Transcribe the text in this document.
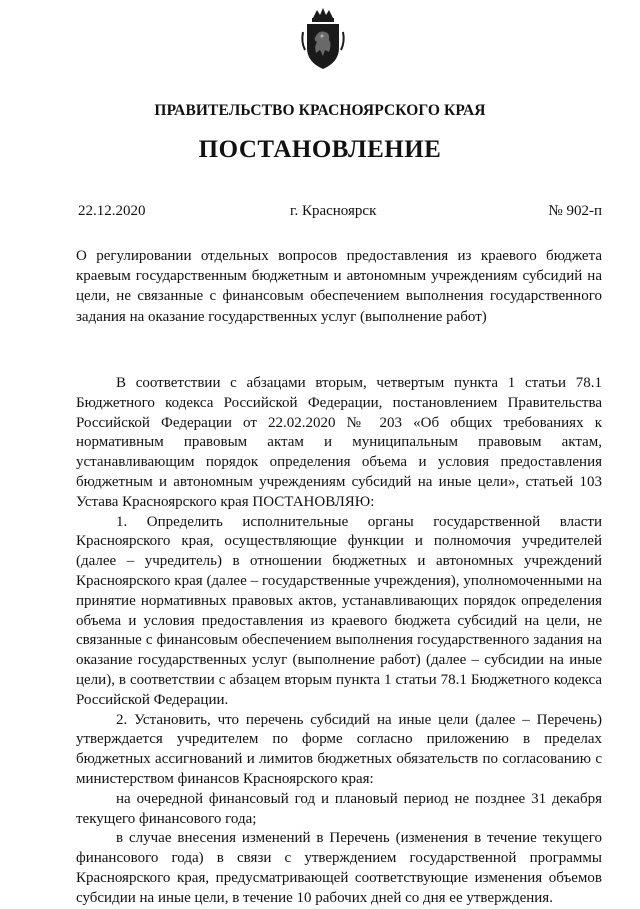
ПРАВИТЕЛЬСТВО КРАСНОЯРСКОГО КРАЯ
ПОСТАНОВЛЕНИЕ
22.12.2020	г. Красноярск	№ 902-п
О регулировании отдельных вопросов предоставления из краевого бюджета краевым государственным бюджетным и автономным учреждениям субсидий на цели, не связанные с финансовым обеспечением выполнения государственного задания на оказание государственных услуг (выполнение работ)

В соответствии с абзацами вторым, четвертым пункта 1 статьи 78.1 Бюджетного кодекса Российской Федерации, постановлением Правительства Российской Федерации от 22.02.2020 № 203 «Об общих требованиях к нормативным правовым актам и муниципальным правовым актам, устанавливающим порядок определения объема и условия предоставления бюджетным и автономным учреждениям субсидий на иные цели», статьей 103 Устава Красноярского края ПОСТАНОВЛЯЮ:

1. Определить исполнительные органы государственной власти Красноярского края, осуществляющие функции и полномочия учредителей (далее – учредитель) в отношении бюджетных и автономных учреждений Красноярского края (далее – государственные учреждения), уполномоченными на принятие нормативных правовых актов, устанавливающих порядок определения объема и условия предоставления из краевого бюджета субсидий на цели, не связанные с финансовым обеспечением выполнения государственного задания на оказание государственных услуг (выполнение работ) (далее – субсидии на иные цели), в соответствии с абзацем вторым пункта 1 статьи 78.1 Бюджетного кодекса Российской Федерации.

2. Установить, что перечень субсидий на иные цели (далее – Перечень) утверждается учредителем по форме согласно приложению в пределах бюджетных ассигнований и лимитов бюджетных обязательств по согласованию с министерством финансов Красноярского края:

на очередной финансовый год и плановый период не позднее 31 декабря текущего финансового года;

в случае внесения изменений в Перечень (изменения в течение текущего финансового года) в связи с утверждением государственной программы Красноярского края, предусматривающей соответствующие изменения объемов субсидии на иные цели, в течение 10 рабочих дней со дня ее утверждения.
